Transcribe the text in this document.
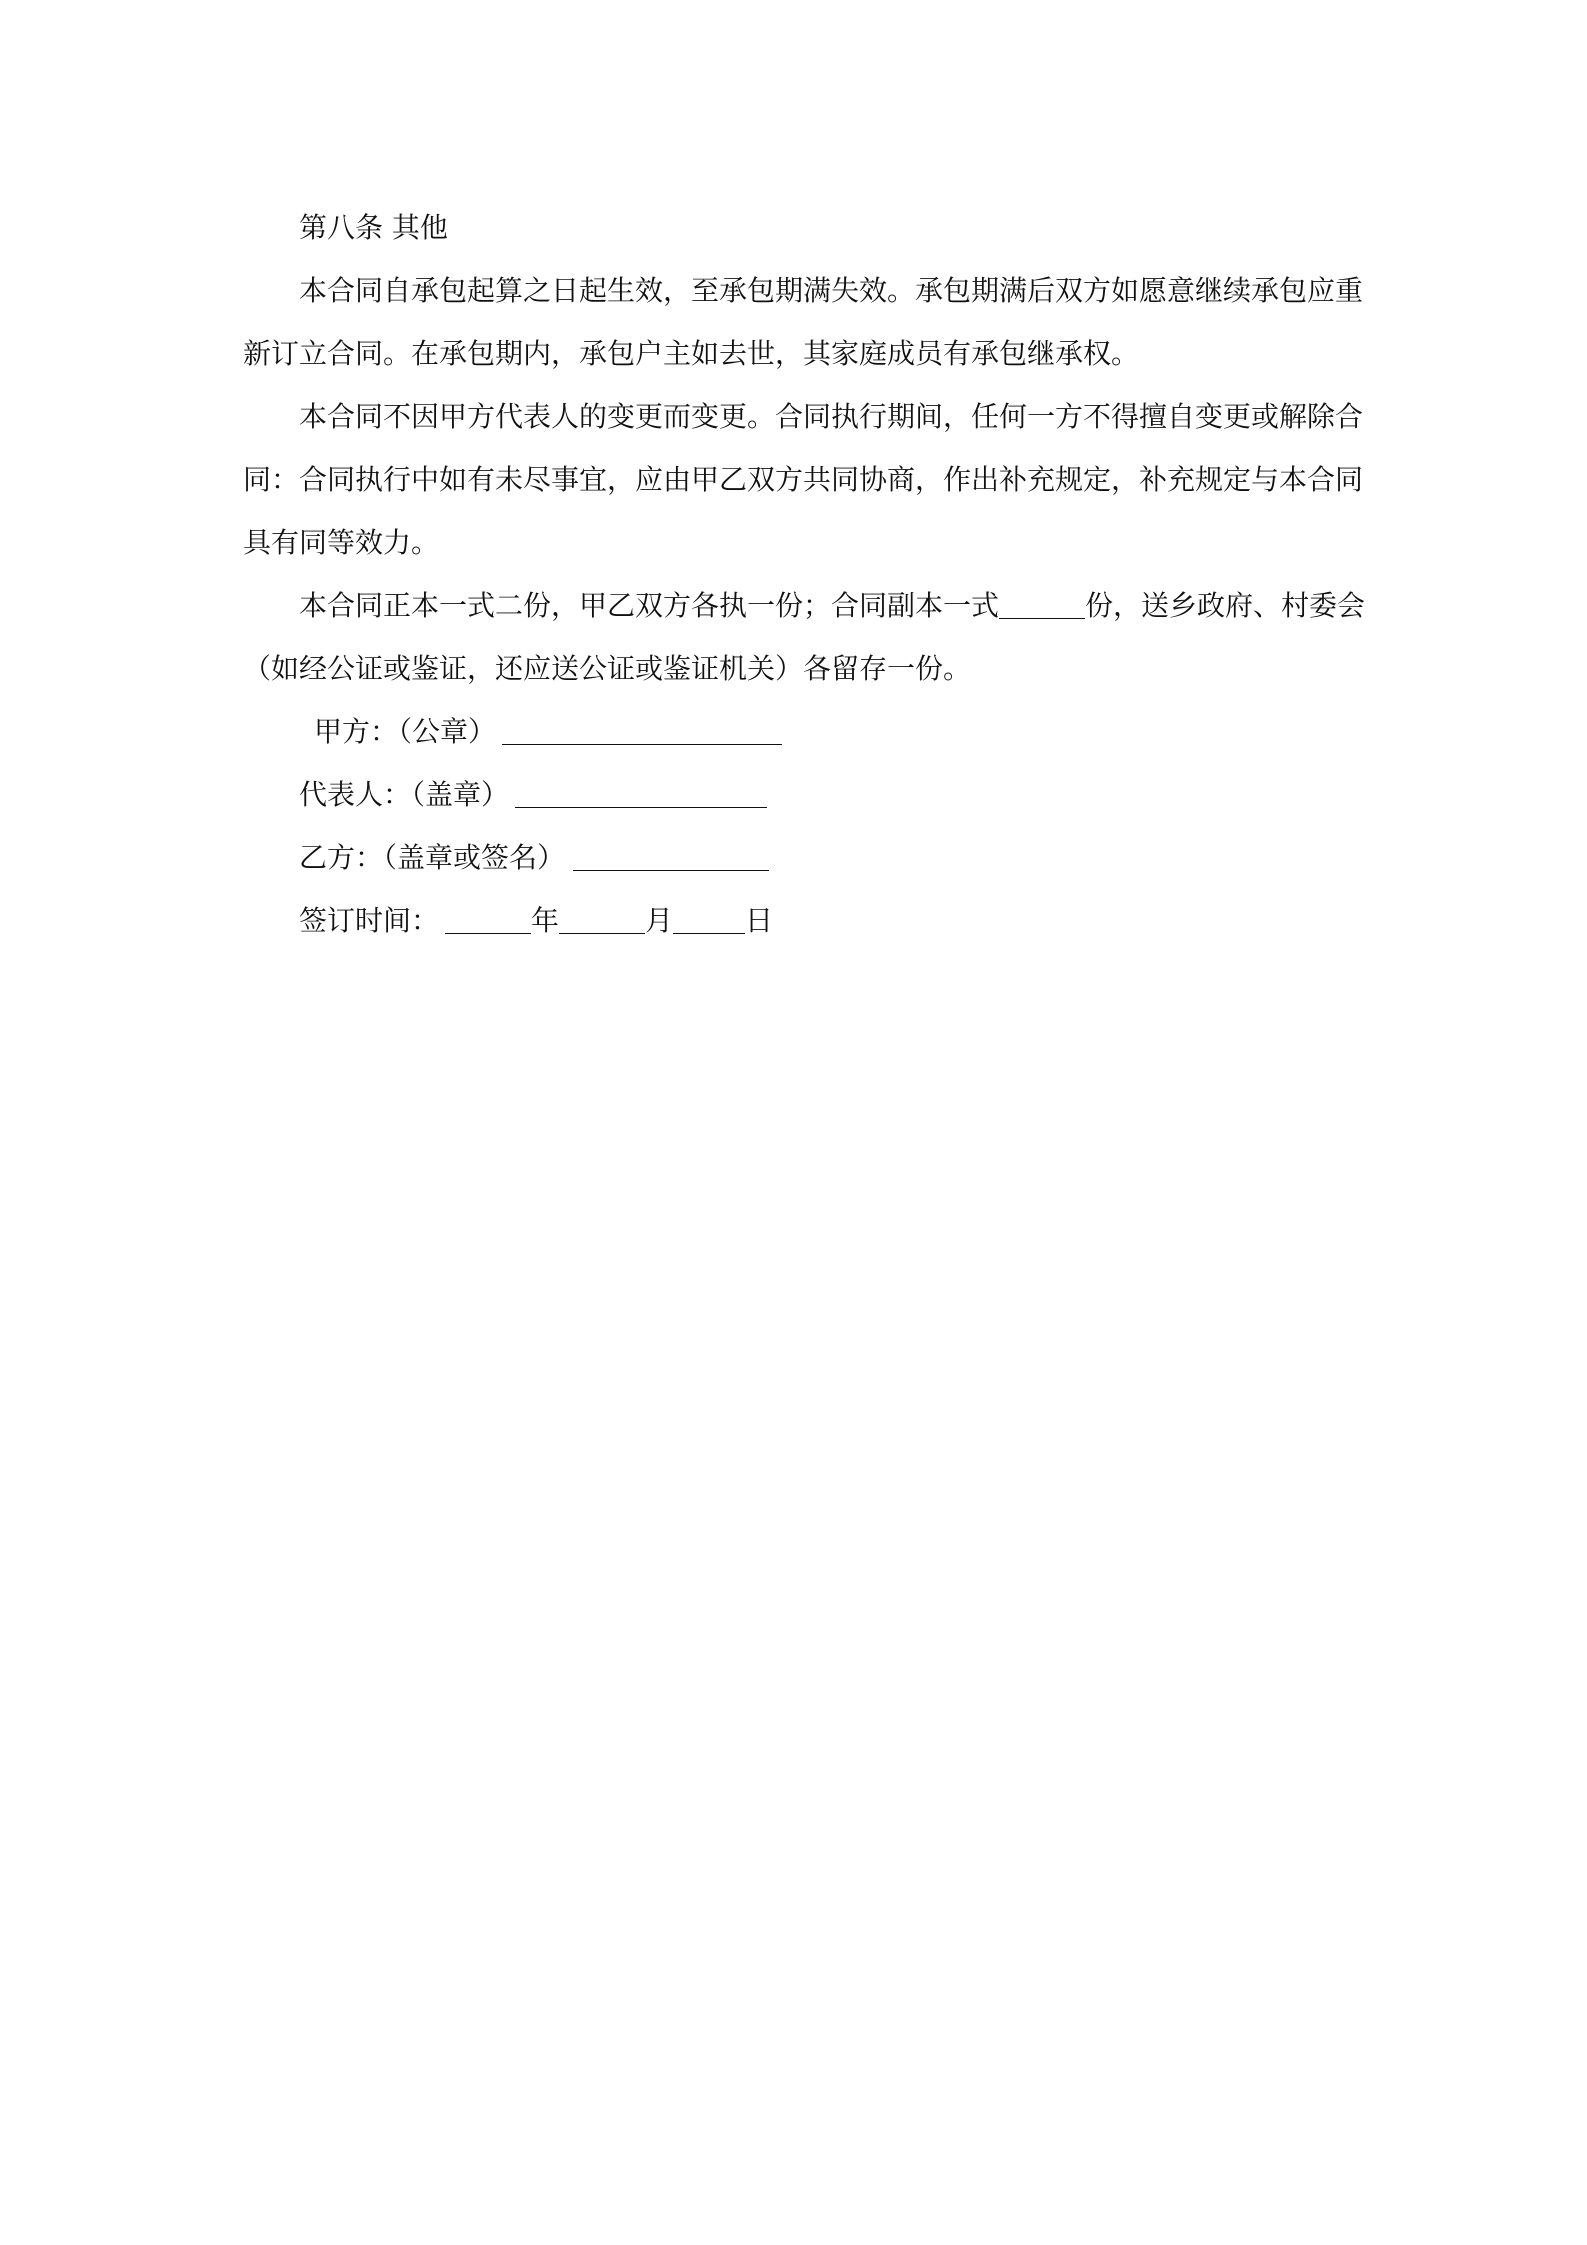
第八条 其他
本合同自承包起算之日起生效，至承包期满失效。承包期满后双方如愿意继续承包应重
新订立合同。在承包期内，承包户主如去世，其家庭成员有承包继承权。
本合同不因甲方代表人的变更而变更。合同执行期间，任何一方不得擅自变更或解除合
同：合同执行中如有未尽事宜，应由甲乙双方共同协商，作出补充规定，补充规定与本合同
具有同等效力。
本合同正本一式二份，甲乙双方各执一份；合同副本一式	份，送乡政府、村委会
（如经公证或鉴证，还应送公证或鉴证机关）各留存一份。
甲方：（公章）
代表人：（盖章）
乙方：（盖章或签名）
签订时间：	年	月	日
